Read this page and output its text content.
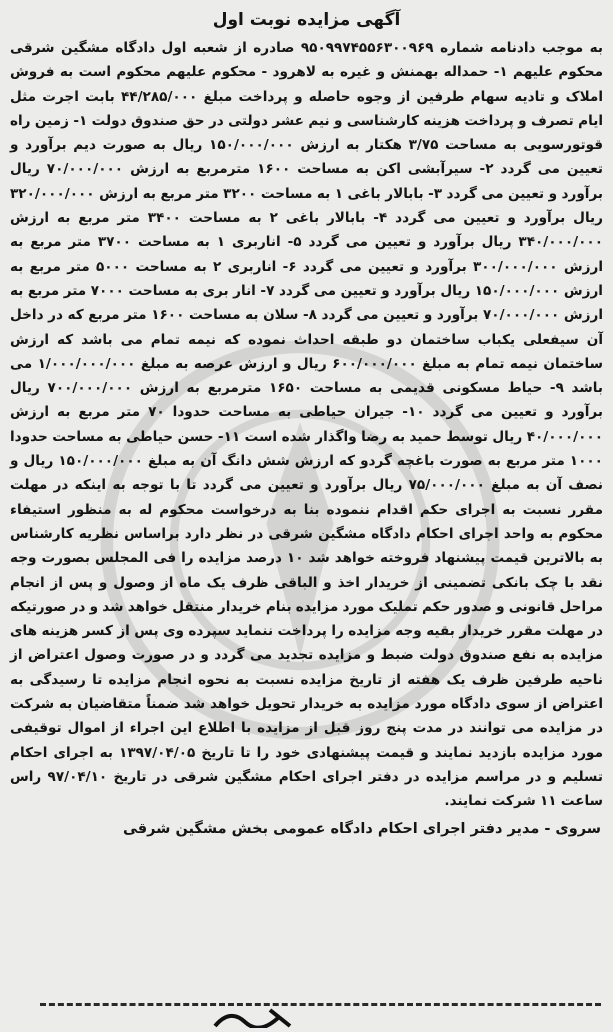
آگهی مزایده نوبت اول

به موجب دادنامه شماره ۹۵۰۹۹۷۴۵۵۶۳۰۰۹۶۹ صادره از شعبه اول دادگاه مشگین شرقی محکوم علیهم ۱- حمداله بهمنش و غیره به لاهرود - محکوم علیهم محکوم است به فروش املاک و تادیه سهام طرفین از وجوه حاصله و پرداخت مبلغ ۴۴/۲۸۵/۰۰۰ بابت اجرت مثل ایام تصرف و پرداخت هزینه کارشناسی و نیم عشر دولتی در حق صندوق دولت ۱- زمین راه قوتورسویی به مساحت ۳/۷۵ هکتار به ارزش ۱۵۰/۰۰۰/۰۰۰ ریال به صورت دیم برآورد و تعیین می گردد ۲- سیرآبشی اکن به مساحت ۱۶۰۰ مترمربع به ارزش ۷۰/۰۰۰/۰۰۰ ریال برآورد و تعیین می گردد ۳- بابالار باغی ۱ به مساحت ۳۲۰۰ متر مربع به ارزش ۳۲۰/۰۰۰/۰۰۰ ریال برآورد و تعیین می گردد ۴- بابالار باغی ۲ به مساحت ۳۴۰۰ متر مربع به ارزش ۳۴۰/۰۰۰/۰۰۰ ریال برآورد و تعیین می گردد ۵- اناربری ۱ به مساحت ۳۷۰۰ متر مربع به ارزش ۳۰۰/۰۰۰/۰۰۰ برآورد و تعیین می گردد ۶- اناربری ۲ به مساحت ۵۰۰۰ متر مربع به ارزش ۱۵۰/۰۰۰/۰۰۰ ریال برآورد و تعیین می گردد ۷- انار بری به مساحت ۷۰۰۰ متر مربع به ارزش ۷۰/۰۰۰/۰۰۰ برآورد و تعیین می گردد ۸- سلان به مساحت ۱۶۰۰ متر مربع که در داخل آن سیفعلی یکباب ساختمان دو طبقه احداث نموده که نیمه تمام می باشد که ارزش ساختمان نیمه تمام به مبلغ ۶۰۰/۰۰۰/۰۰۰ ریال و ارزش عرصه به مبلغ ۱/۰۰۰/۰۰۰/۰۰۰ می باشد ۹- حیاط مسکونی قدیمی به مساحت ۱۶۵۰ مترمربع به ارزش ۷۰۰/۰۰۰/۰۰۰ ریال برآورد و تعیین می گردد ۱۰- جیران حیاطی به مساحت حدودا ۷۰ متر مربع به ارزش ۴۰/۰۰۰/۰۰۰ ریال توسط حمید به رضا واگذار شده است ۱۱- حسن حیاطی به مساحت حدودا ۱۰۰۰ متر مربع به صورت باغچه گردو که ارزش شش دانگ آن به مبلغ ۱۵۰/۰۰۰/۰۰۰ ریال و نصف آن به مبلغ ۷۵/۰۰۰/۰۰۰ ریال برآورد و تعیین می گردد تا با توجه به اینکه در مهلت مقرر نسبت به اجرای حکم اقدام ننموده بنا به درخواست محکوم له به منظور استیفاء محکوم به واحد اجرای احکام دادگاه مشگین شرقی در نظر دارد براساس نظریه کارشناس به بالاترین قیمت پیشنهاد فروخته خواهد شد ۱۰ درصد مزایده را فی المجلس بصورت وجه نقد با چک بانکی تضمینی از خریدار اخذ و الباقی ظرف یک ماه از وصول و پس از انجام مراحل قانونی و صدور حکم تملیک مورد مزایده بنام خریدار منتقل خواهد شد و در صورتیکه در مهلت مقرر خریدار بقیه وجه مزایده را پرداخت ننماید سپرده وی پس از کسر هزینه های مزایده به نفع صندوق دولت ضبط و مزایده تجدید می گردد و در صورت وصول اعتراض از ناحیه طرفین ظرف یک هفته از تاریخ مزایده نسبت به نحوه انجام مزایده تا رسیدگی به اعتراض از سوی دادگاه مورد مزایده به خریدار تحویل خواهد شد ضمناً متقاضیان به شرکت در مزایده می توانند در مدت پنج روز قبل از مزایده با اطلاع این اجراء از اموال توقیفی مورد مزایده بازدید نمایند و قیمت پیشنهادی خود را تا تاریخ ۱۳۹۷/۰۴/۰۵ به اجرای احکام تسلیم و در مراسم مزایده در دفتر اجرای احکام مشگین شرقی در تاریخ ۹۷/۰۴/۱۰ راس ساعت ۱۱ شرکت نمایند.

سروی - مدیر دفتر اجرای احکام دادگاه عمومی بخش مشگین شرقی
